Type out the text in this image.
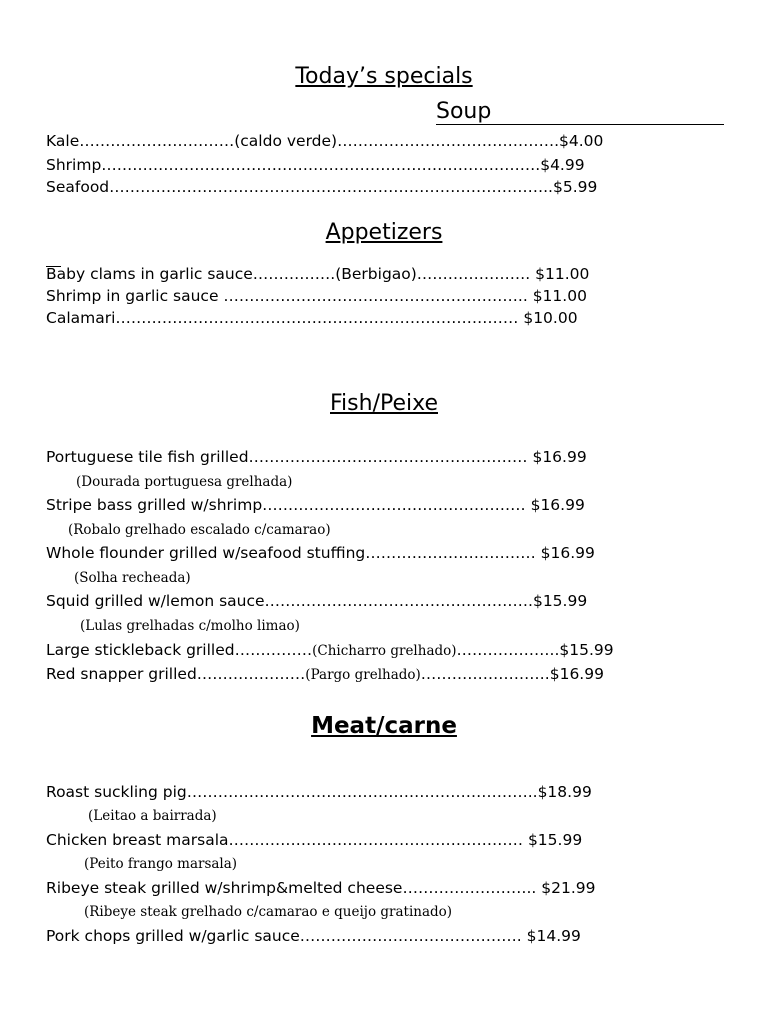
Today’s specials
Soup
Kale…………………………(caldo verde)…………………………………….$4.00
Shrimp………………………………………………………………………….$4.99
Seafood…………………………………………………………………………..$5.99
Appetizers
Baby clams in garlic sauce…………….(Berbigao)…………………. $11.00
Shrimp in garlic sauce ………………………………………………….. $11.00
Calamari…………………………………………………………………… $10.00
Fish/Peixe
Portuguese tile fish grilled……………………………………………… $16.99
(Dourada portuguesa grelhada)
Stripe bass grilled w/shrimp…………………………………………… $16.99
(Robalo grelhado escalado c/camarao)
Whole flounder grilled w/seafood stuffing…………………………… $16.99
(Solha recheada)
Squid grilled w/lemon sauce…………………………………………….$15.99
(Lulas grelhadas c/molho limao)
Large stickleback grilled……………(Chicharro grelhado)………………..$15.99
Red snapper grilled…………………(Pargo grelhado)…………………….$16.99
Meat/carne
Roast suckling pig…………………………………………………………..$18.99
(Leitao a bairrada)
Chicken breast marsala………………………………………………… $15.99
(Peito frango marsala)
Ribeye steak grilled w/shrimp&melted cheese…………………….. $21.99
(Ribeye steak grelhado c/camarao e queijo gratinado)
Pork chops grilled w/garlic sauce……………………………………. $14.99
